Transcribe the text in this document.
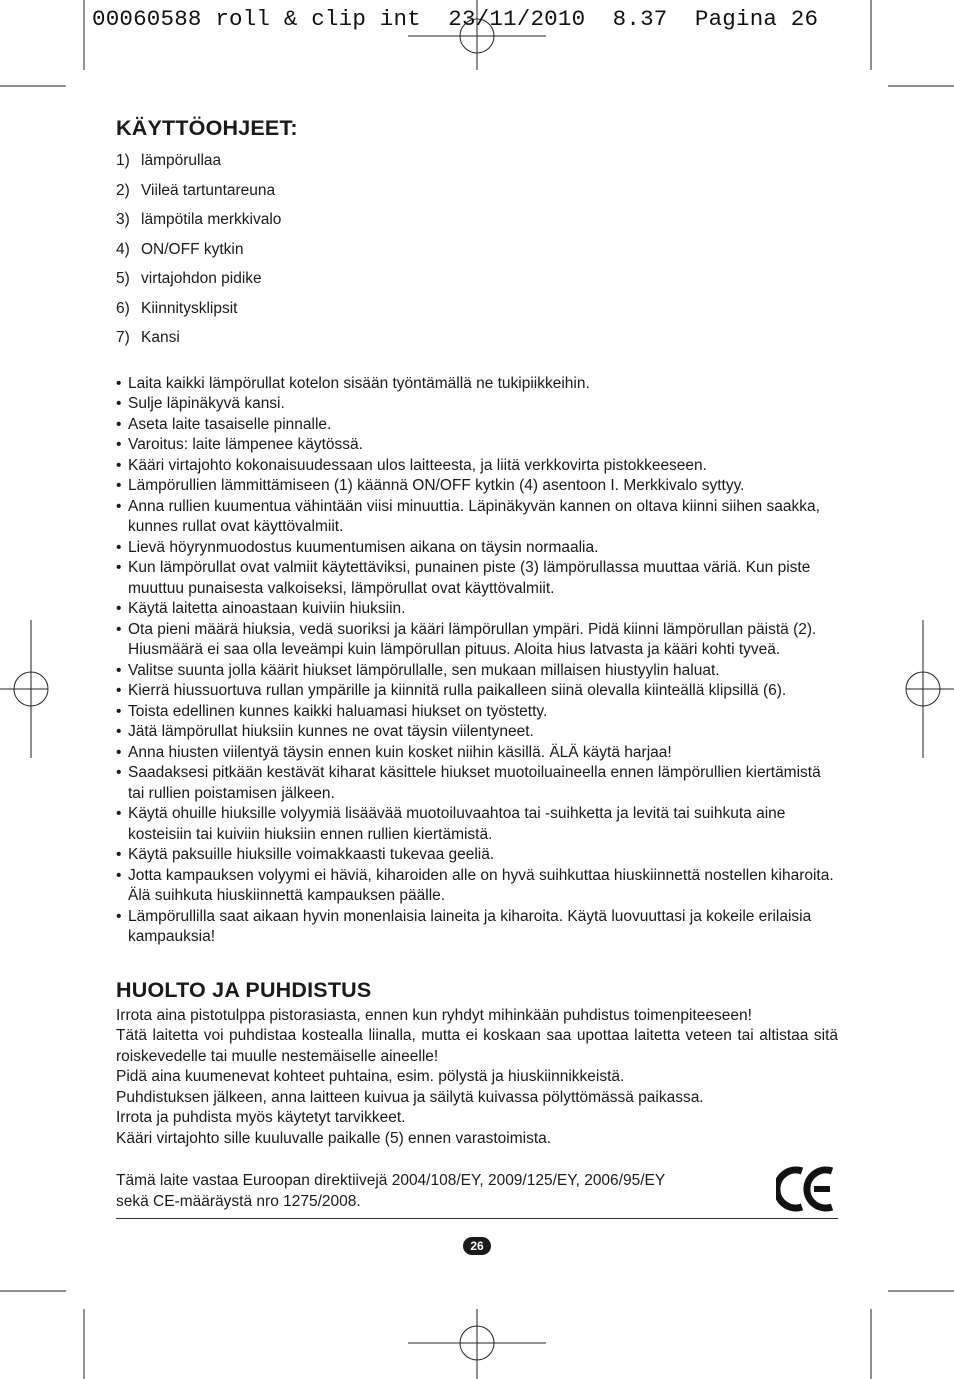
00060588 roll & clip int  23/11/2010  8.37  Pagina 26
KÄYTTÖOHJEET:
1) lämpörullaa
2) Viileä tartuntareuna
3) lämpötila merkkivalo
4) ON/OFF kytkin
5) virtajohdon pidike
6) Kiinnitysklipsit
7) Kansi
• Laita kaikki lämpörullat kotelon sisään työntämällä ne tukipiikkeihin.
• Sulje läpinäkyvä kansi.
• Aseta laite tasaiselle pinnalle.
• Varoitus: laite lämpenee käytössä.
• Kääri virtajohto kokonaisuudessaan ulos laitteesta, ja liitä verkkovirta pistokkeeseen.
• Lämpörullien lämmittämiseen (1) käännä ON/OFF kytkin (4) asentoon I. Merkkivalo syttyy.
• Anna rullien kuumentua vähintään viisi minuuttia. Läpinäkyvän kannen on oltava kiinni siihen saakka, kunnes rullat ovat käyttövalmiit.
• Lievä höyrynmuodostus kuumentumisen aikana on täysin normaalia.
• Kun lämpörullat ovat valmiit käytettäviksi, punainen piste (3) lämpörullassa muuttaa väriä. Kun piste muuttuu punaisesta valkoiseksi, lämpörullat ovat käyttövalmiit.
• Käytä laitetta ainoastaan kuiviin hiuksiin.
• Ota pieni määrä hiuksia, vedä suoriksi ja kääri lämpörullan ympäri. Pidä kiinni lämpörullan päistä (2). Hiusmäärä ei saa olla leveämpi kuin lämpörullan pituus. Aloita hius latvasta ja kääri kohti tyveä.
• Valitse suunta jolla käärit hiukset lämpörullalle, sen mukaan millaisen hiustyylin haluat.
• Kierrä hiussuortuva rullan ympärille ja kiinnitä rulla paikalleen siinä olevalla kiinteällä klipsillä (6).
• Toista edellinen kunnes kaikki haluamasi hiukset on työstetty.
• Jätä lämpörullat hiuksiin kunnes ne ovat täysin viilentyneet.
• Anna hiusten viilentyä täysin ennen kuin kosket niihin käsillä. ÄLÄ käytä harjaa!
• Saadaksesi pitkään kestävät kiharat käsittele hiukset muotoiluaineella ennen lämpörullien kiertämistä tai rullien poistamisen jälkeen.
• Käytä ohuille hiuksille volyymiä lisäävää muotoiluvaahtoa tai -suihketta ja levitä tai suihkuta aine kosteisiin tai kuiviin hiuksiin ennen rullien kiertämistä.
• Käytä paksuille hiuksille voimakkaasti tukevaa geeliä.
• Jotta kampauksen volyymi ei häviä, kiharoiden alle on hyvä suihkuttaa hiuskiinnettä nostellen kiharoita. Älä suihkuta hiuskiinnettä kampauksen päälle.
• Lämpörullilla saat aikaan hyvin monenlaisia laineita ja kiharoita. Käytä luovuuttasi ja kokeile erilaisia kampauksia!
HUOLTO JA PUHDISTUS

Irrota aina pistotulppa pistorasiasta, ennen kun ryhdyt mihinkään puhdistus toimenpiteeseen!

Tätä laitetta voi puhdistaa kostealla liinalla, mutta ei koskaan saa upottaa laitetta veteen tai altistaa sitä roiskevedelle tai muulle nestemäiselle aineelle!

Pidä aina kuumenevat kohteet puhtaina, esim. pölystä ja hiuskiinnikkeistä.

Puhdistuksen jälkeen, anna laitteen kuivua ja säilytä kuivassa pölyttömässä paikassa.

Irrota ja puhdista myös käytetyt tarvikkeet.

Kääri virtajohto sille kuuluvalle paikalle (5) ennen varastoimista.

Tämä laite vastaa Euroopan direktiivejä 2004/108/EY, 2009/125/EY, 2006/95/EY
sekä CE-määräystä nro 1275/2008.
26
